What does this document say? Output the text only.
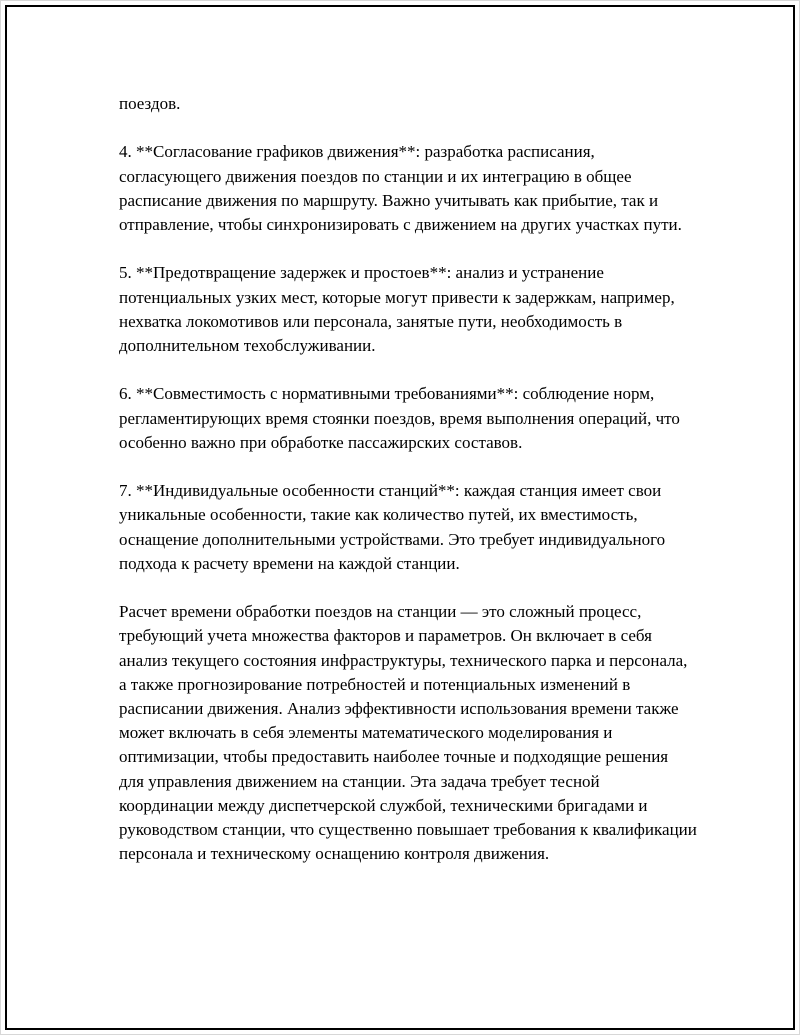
поездов.

4. **Согласование графиков движения**: разработка расписания, согласующего движения поездов по станции и их интеграцию в общее расписание движения по маршруту. Важно учитывать как прибытие, так и отправление, чтобы синхронизировать с движением на других участках пути.

5. **Предотвращение задержек и простоев**: анализ и устранение потенциальных узких мест, которые могут привести к задержкам, например, нехватка локомотивов или персонала, занятые пути, необходимость в дополнительном техобслуживании.

6. **Совместимость с нормативными требованиями**: соблюдение норм, регламентирующих время стоянки поездов, время выполнения операций, что особенно важно при обработке пассажирских составов.

7. **Индивидуальные особенности станций**: каждая станция имеет свои уникальные особенности, такие как количество путей, их вместимость, оснащение дополнительными устройствами. Это требует индивидуального подхода к расчету времени на каждой станции.

Расчет времени обработки поездов на станции — это сложный процесс, требующий учета множества факторов и параметров. Он включает в себя анализ текущего состояния инфраструктуры, технического парка и персонала, а также прогнозирование потребностей и потенциальных изменений в расписании движения. Анализ эффективности использования времени также может включать в себя элементы математического моделирования и оптимизации, чтобы предоставить наиболее точные и подходящие решения для управления движением на станции. Эта задача требует тесной координации между диспетчерской службой, техническими бригадами и руководством станции, что существенно повышает требования к квалификации персонала и техническому оснащению контроля движения.
